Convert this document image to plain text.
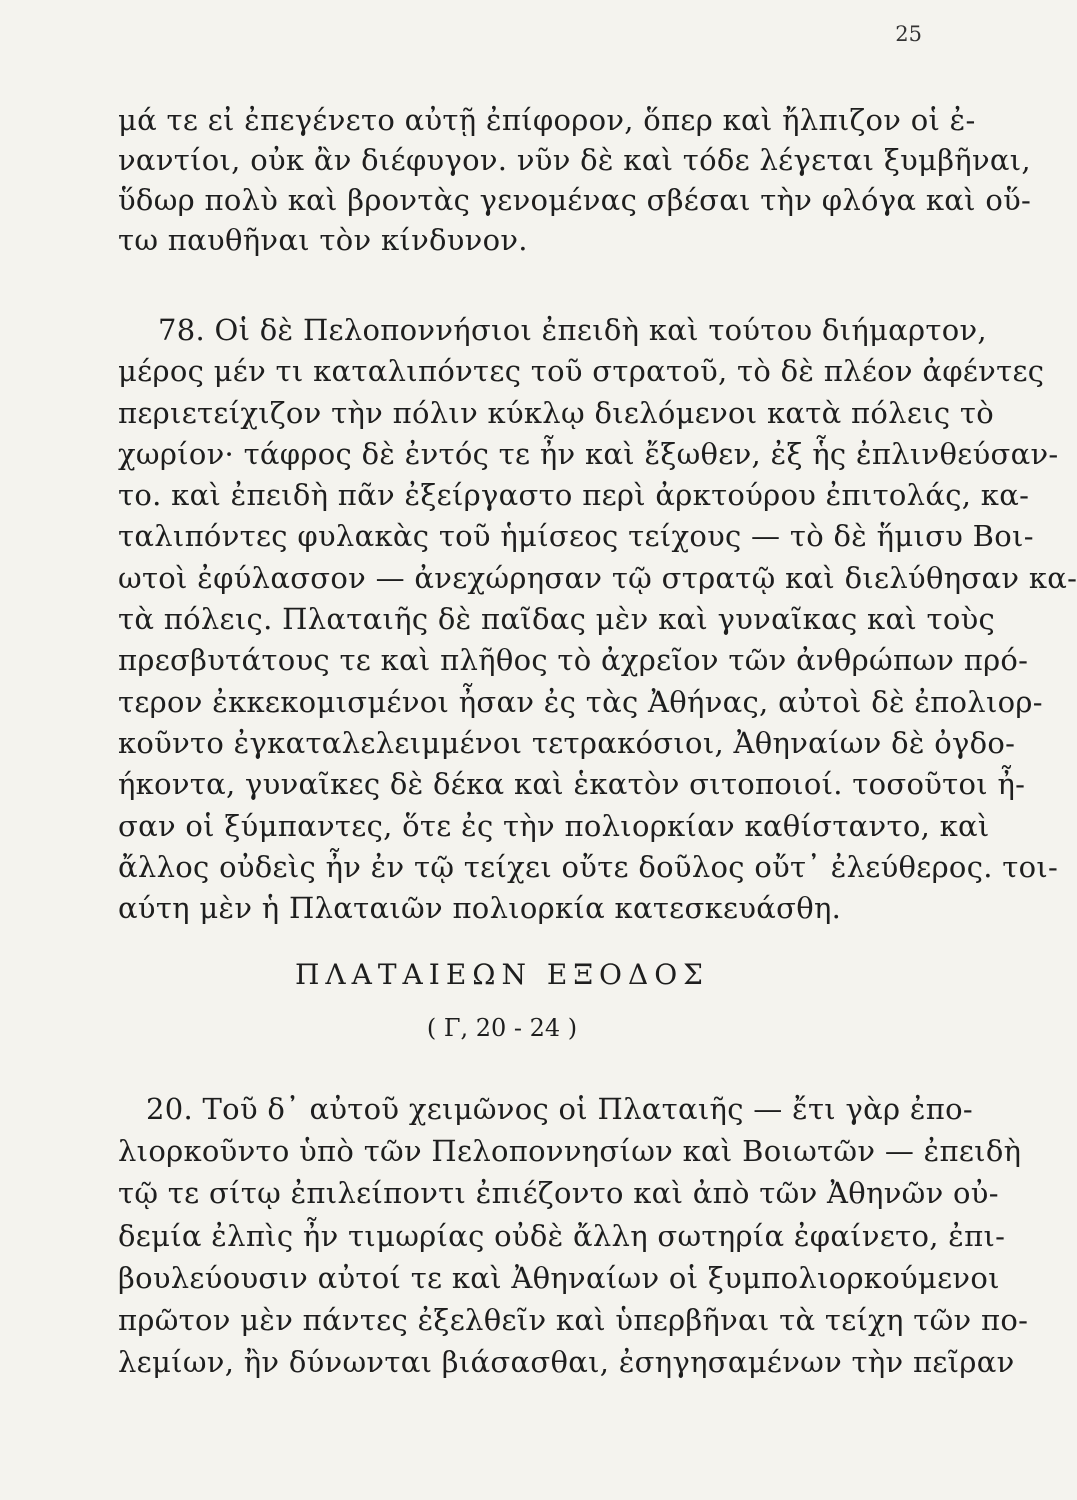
25
μά τε εἰ ἐπεγένετο αὐτῇ ἐπίφορον, ὅπερ καὶ ἤλπιζον οἱ ἐ-
ναντίοι, οὐκ ἂν διέφυγον. νῦν δὲ καὶ τόδε λέγεται ξυμβῆναι,
ὕδωρ πολὺ καὶ βροντὰς γενομένας σβέσαι τὴν φλόγα καὶ οὕ-
τω παυθῆναι τὸν κίνδυνον.
78. Οἱ δὲ Πελοποννήσιοι ἐπειδὴ καὶ τούτου διήμαρτον,
μέρος μέν τι καταλιπόντες τοῦ στρατοῦ, τὸ δὲ πλέον ἀφέντες
περιετείχιζον τὴν πόλιν κύκλῳ διελόμενοι κατὰ πόλεις τὸ
χωρίον· τάφρος δὲ ἐντός τε ἦν καὶ ἔξωθεν, ἐξ ἧς ἐπλινθεύσαν-
το. καὶ ἐπειδὴ πᾶν ἐξείργαστο περὶ ἀρκτούρου ἐπιτολάς, κα-
ταλιπόντες φυλακὰς τοῦ ἡμίσεος τείχους — τὸ δὲ ἥμισυ Βοι-
ωτοὶ ἐφύλασσον — ἀνεχώρησαν τῷ στρατῷ καὶ διελύθησαν κα-
τὰ πόλεις. Πλαταιῆς δὲ παῖδας μὲν καὶ γυναῖκας καὶ τοὺς
πρεσβυτάτους τε καὶ πλῆθος τὸ ἀχρεῖον τῶν ἀνθρώπων πρό-
τερον ἐκκεκομισμένοι ἦσαν ἐς τὰς Ἀθήνας, αὐτοὶ δὲ ἐπολιορ-
κοῦντο ἐγκαταλελειμμένοι τετρακόσιοι, Ἀθηναίων δὲ ὀγδο-
ήκοντα, γυναῖκες δὲ δέκα καὶ ἑκατὸν σιτοποιοί. τοσοῦτοι ἦ-
σαν οἱ ξύμπαντες, ὅτε ἐς τὴν πολιορκίαν καθίσταντο, καὶ
ἄλλος οὐδεὶς ἦν ἐν τῷ τείχει οὔτε δοῦλος οὔτ᾽ ἐλεύθερος. τοι-
αύτη μὲν ἡ Πλαταιῶν πολιορκία κατεσκευάσθη.
ΠΛΑΤΑΙΕΩΝ ΕΞΟΔΟΣ
( Γ, 20 - 24 )
20. Τοῦ δ᾽ αὐτοῦ χειμῶνος οἱ Πλαταιῆς — ἔτι γὰρ ἐπο-
λιορκοῦντο ὑπὸ τῶν Πελοποννησίων καὶ Βοιωτῶν — ἐπειδὴ
τῷ τε σίτῳ ἐπιλείποντι ἐπιέζοντο καὶ ἀπὸ τῶν Ἀθηνῶν οὐ-
δεμία ἐλπὶς ἦν τιμωρίας οὐδὲ ἄλλη σωτηρία ἐφαίνετο, ἐπι-
βουλεύουσιν αὐτοί τε καὶ Ἀθηναίων οἱ ξυμπολιορκούμενοι
πρῶτον μὲν πάντες ἐξελθεῖν καὶ ὑπερβῆναι τὰ τείχη τῶν πο-
λεμίων, ἢν δύνωνται βιάσασθαι, ἐσηγησαμένων τὴν πεῖραν
